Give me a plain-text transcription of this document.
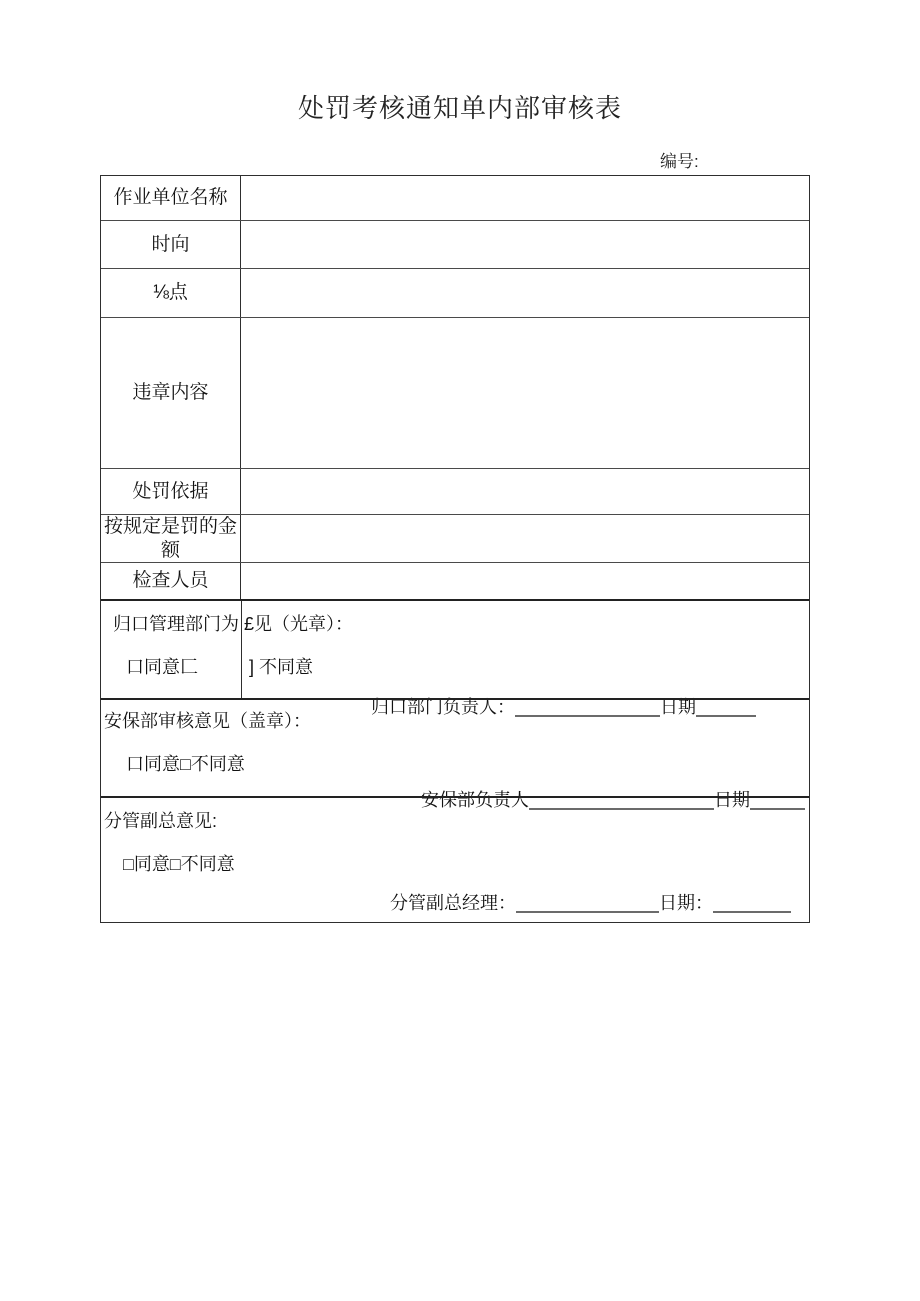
处罚考核通知单内部审核表
编号:
作业单位名称
时向
⅛点
违章内容
处罚依据
按规定是罚的金额
检查人员
归口管理部门为 £见（光章）：
口同意匚	] 不同意
归口部门负责人：	日期
安保部审核意见（盖章）：
口同意□不同意
安保部负责人	日期
分管副总意见:
□同意□不同意
分管副总经理：	日期：
